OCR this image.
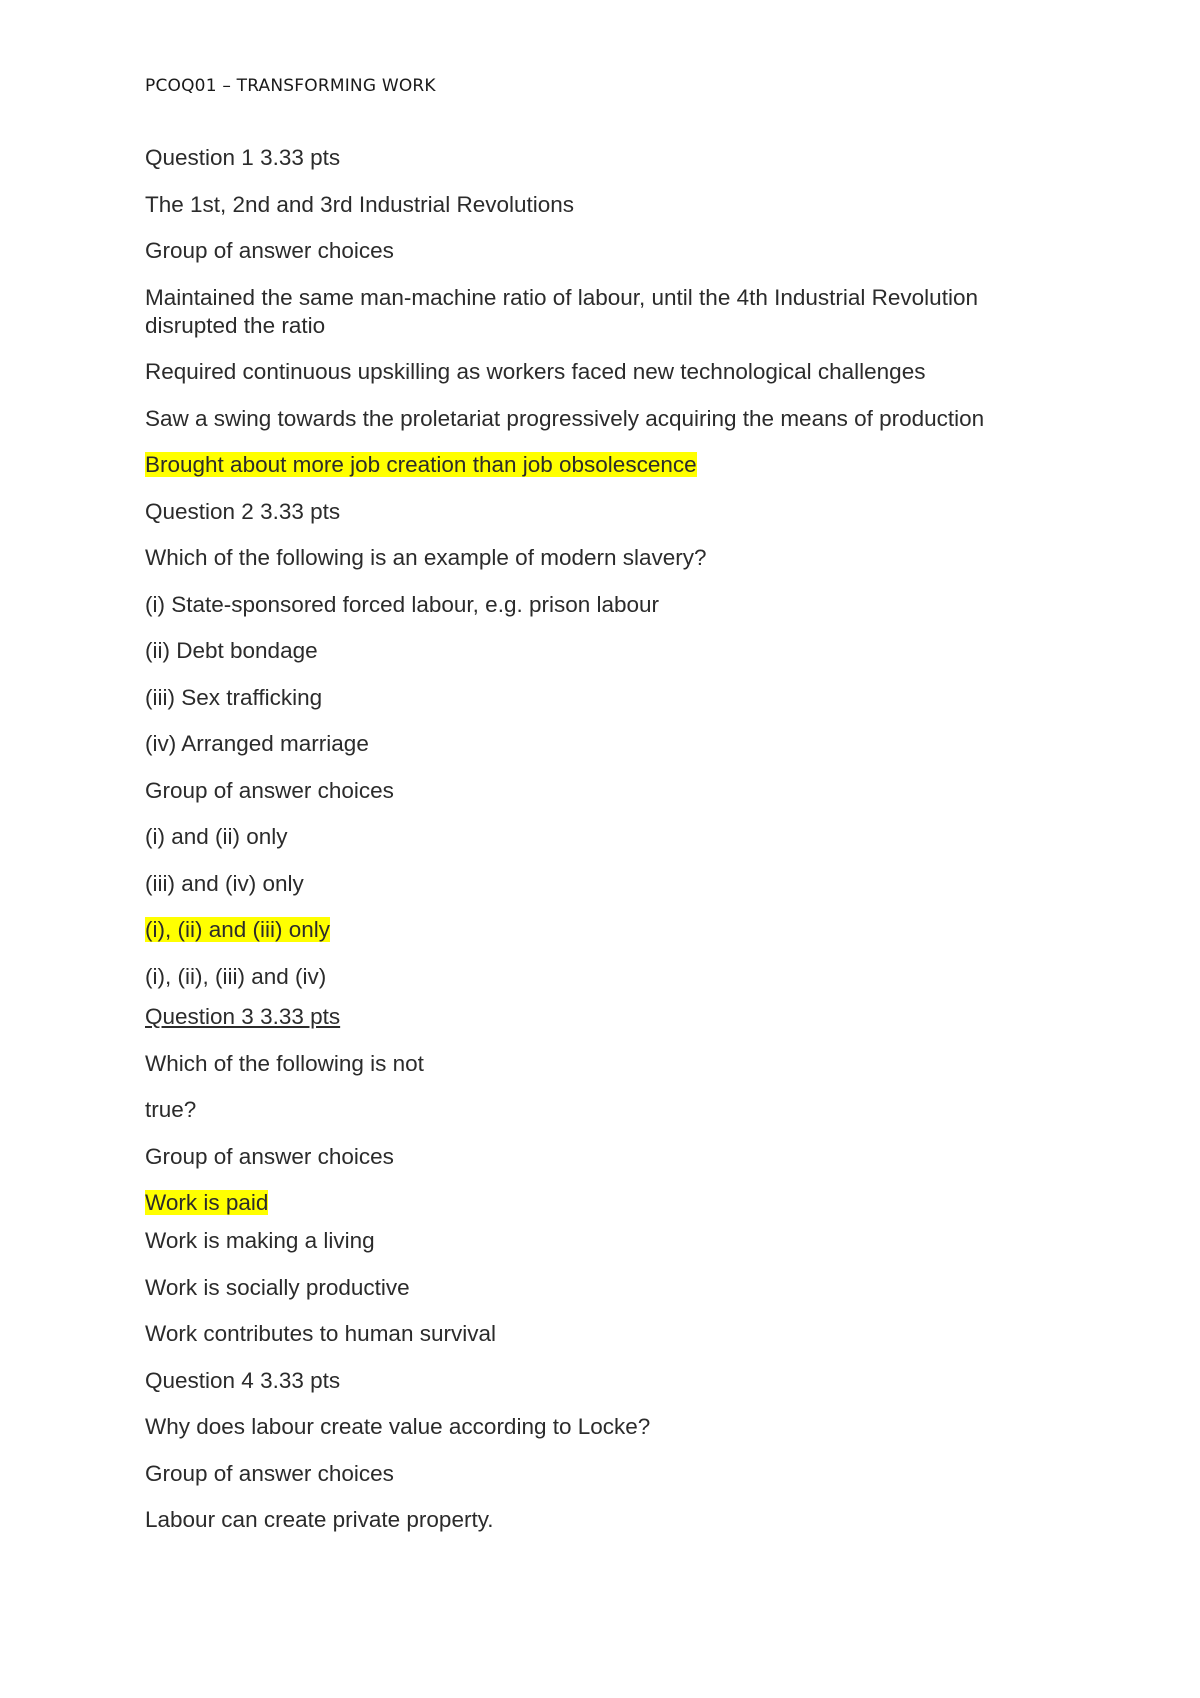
PCOQ01 – TRANSFORMING WORK
Question 1 3.33 pts
The 1st, 2nd and 3rd Industrial Revolutions
Group of answer choices
Maintained the same man-machine ratio of labour, until the 4th Industrial Revolution disrupted the ratio
Required continuous upskilling as workers faced new technological challenges
Saw a swing towards the proletariat progressively acquiring the means of production
Brought about more job creation than job obsolescence
Question 2 3.33 pts
Which of the following is an example of modern slavery?
(i) State-sponsored forced labour, e.g. prison labour
(ii) Debt bondage
(iii) Sex trafficking
(iv) Arranged marriage
Group of answer choices
(i) and (ii) only
(iii) and (iv) only
(i), (ii) and (iii) only
(i), (ii), (iii) and (iv)
Question 3 3.33 pts
Which of the following is not
true?
Group of answer choices
Work is paid
Work is making a living
Work is socially productive
Work contributes to human survival
Question 4 3.33 pts
Why does labour create value according to Locke?
Group of answer choices
Labour can create private property.
